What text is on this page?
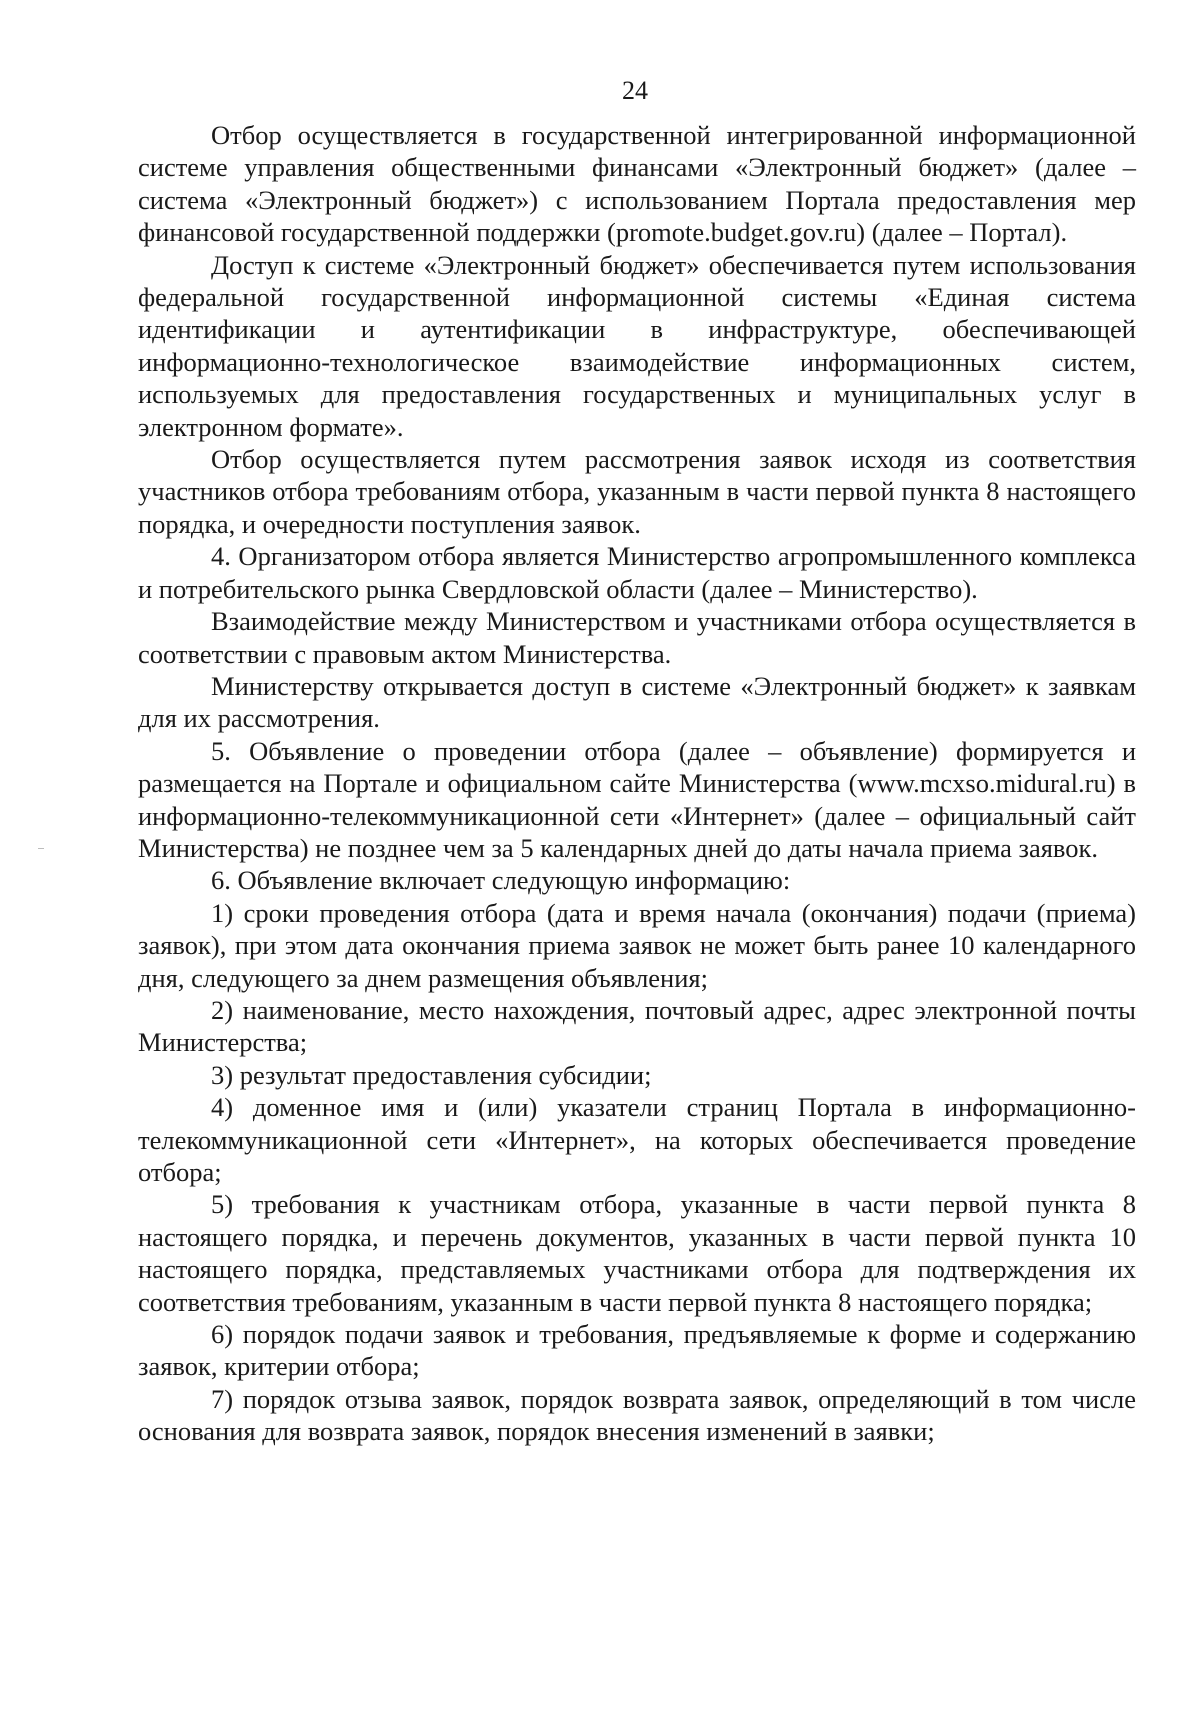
24

Отбор осуществляется в государственной интегрированной информационной системе управления общественными финансами «Электронный бюджет» (далее – система «Электронный бюджет») с использованием Портала предоставления мер финансовой государственной поддержки (promote.budget.gov.ru) (далее – Портал).

Доступ к системе «Электронный бюджет» обеспечивается путем использования федеральной государственной информационной системы «Единая система идентификации и аутентификации в инфраструктуре, обеспечивающей информационно-технологическое взаимодействие информационных систем, используемых для предоставления государственных и муниципальных услуг в электронном формате».

Отбор осуществляется путем рассмотрения заявок исходя из соответствия участников отбора требованиям отбора, указанным в части первой пункта 8 настоящего порядка, и очередности поступления заявок.

4. Организатором отбора является Министерство агропромышленного комплекса и потребительского рынка Свердловской области (далее – Министерство).

Взаимодействие между Министерством и участниками отбора осуществляется в соответствии с правовым актом Министерства.

Министерству открывается доступ в системе «Электронный бюджет» к заявкам для их рассмотрения.

5. Объявление о проведении отбора (далее – объявление) формируется и размещается на Портале и официальном сайте Министерства (www.mcxso.midural.ru) в информационно-телекоммуникационной сети «Интернет» (далее – официальный сайт Министерства) не позднее чем за 5 календарных дней до даты начала приема заявок.

6. Объявление включает следующую информацию:

1) сроки проведения отбора (дата и время начала (окончания) подачи (приема) заявок), при этом дата окончания приема заявок не может быть ранее 10 календарного дня, следующего за днем размещения объявления;

2) наименование, место нахождения, почтовый адрес, адрес электронной почты Министерства;

3) результат предоставления субсидии;

4) доменное имя и (или) указатели страниц Портала в информационно-телекоммуникационной сети «Интернет», на которых обеспечивается проведение отбора;

5) требования к участникам отбора, указанные в части первой пункта 8 настоящего порядка, и перечень документов, указанных в части первой пункта 10 настоящего порядка, представляемых участниками отбора для подтверждения их соответствия требованиям, указанным в части первой пункта 8 настоящего порядка;

6) порядок подачи заявок и требования, предъявляемые к форме и содержанию заявок, критерии отбора;

7) порядок отзыва заявок, порядок возврата заявок, определяющий в том числе основания для возврата заявок, порядок внесения изменений в заявки;
